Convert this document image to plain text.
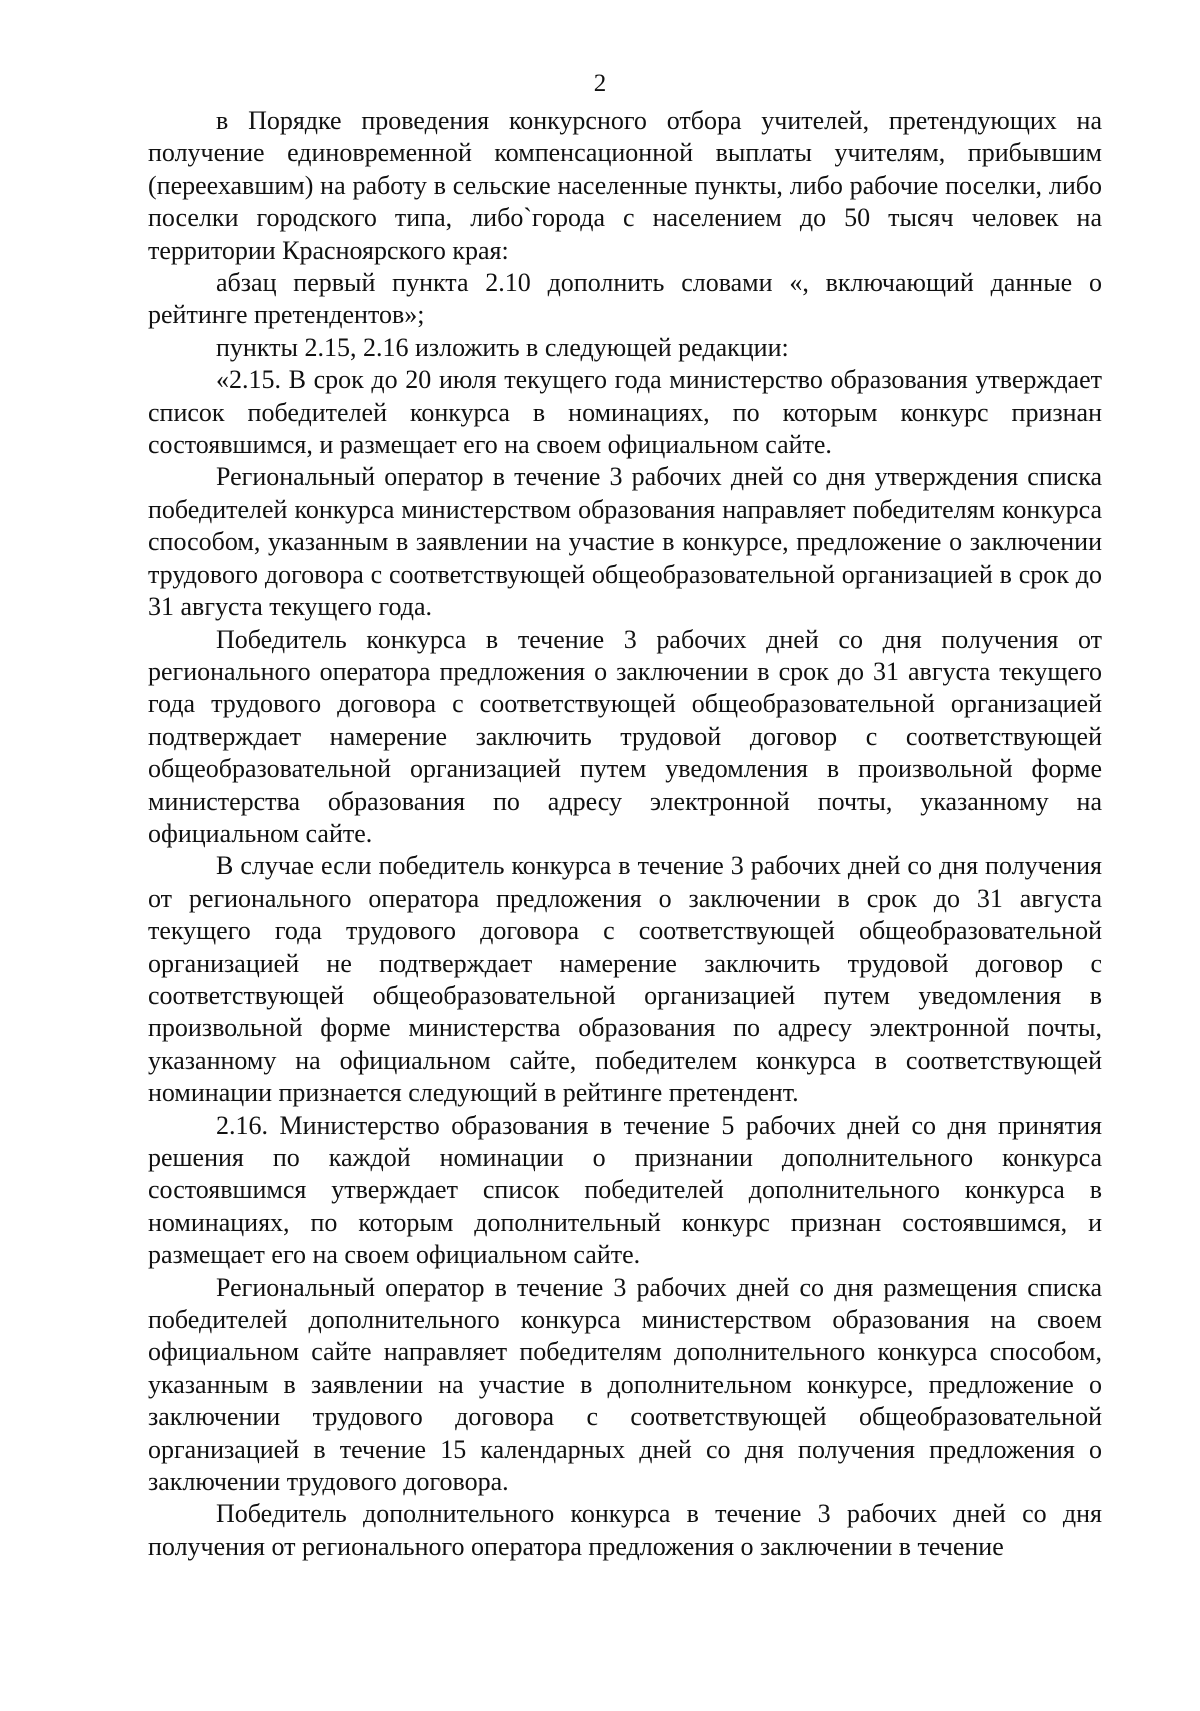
2

в Порядке проведения конкурсного отбора учителей, претендующих на получение единовременной компенсационной выплаты учителям, прибывшим (переехавшим) на работу в сельские населенные пункты, либо рабочие поселки, либо поселки городского типа, либо`города с населением до 50 тысяч человек на территории Красноярского края:

абзац первый пункта 2.10 дополнить словами «, включающий данные о рейтинге претендентов»;

пункты 2.15, 2.16 изложить в следующей редакции:

«2.15. В срок до 20 июля текущего года министерство образования утверждает список победителей конкурса в номинациях, по которым конкурс признан состоявшимся, и размещает его на своем официальном сайте.

Региональный оператор в течение 3 рабочих дней со дня утверждения списка победителей конкурса министерством образования направляет победителям конкурса способом, указанным в заявлении на участие в конкурсе, предложение о заключении трудового договора с соответствующей общеобразовательной организацией в срок до 31 августа текущего года.

Победитель конкурса в течение 3 рабочих дней со дня получения от регионального оператора предложения о заключении в срок до 31 августа текущего года трудового договора с соответствующей общеобразовательной организацией подтверждает намерение заключить трудовой договор с соответствующей общеобразовательной организацией путем уведомления в произвольной форме министерства образования по адресу электронной почты, указанному на официальном сайте.

В случае если победитель конкурса в течение 3 рабочих дней со дня получения от регионального оператора предложения о заключении в срок до 31 августа текущего года трудового договора с соответствующей общеобразовательной организацией не подтверждает намерение заключить трудовой договор с соответствующей общеобразовательной организацией путем уведомления в произвольной форме министерства образования по адресу электронной почты, указанному на официальном сайте, победителем конкурса в соответствующей номинации признается следующий в рейтинге претендент.

2.16. Министерство образования в течение 5 рабочих дней со дня принятия решения по каждой номинации о признании дополнительного конкурса состоявшимся утверждает список победителей дополнительного конкурса в номинациях, по которым дополнительный конкурс признан состоявшимся, и размещает его на своем официальном сайте.

Региональный оператор в течение 3 рабочих дней со дня размещения списка победителей дополнительного конкурса министерством образования на своем официальном сайте направляет победителям дополнительного конкурса способом, указанным в заявлении на участие в дополнительном конкурсе, предложение о заключении трудового договора с соответствующей общеобразовательной организацией в течение 15 календарных дней со дня получения предложения о заключении трудового договора.

Победитель дополнительного конкурса в течение 3 рабочих дней со дня получения от регионального оператора предложения о заключении в течение
